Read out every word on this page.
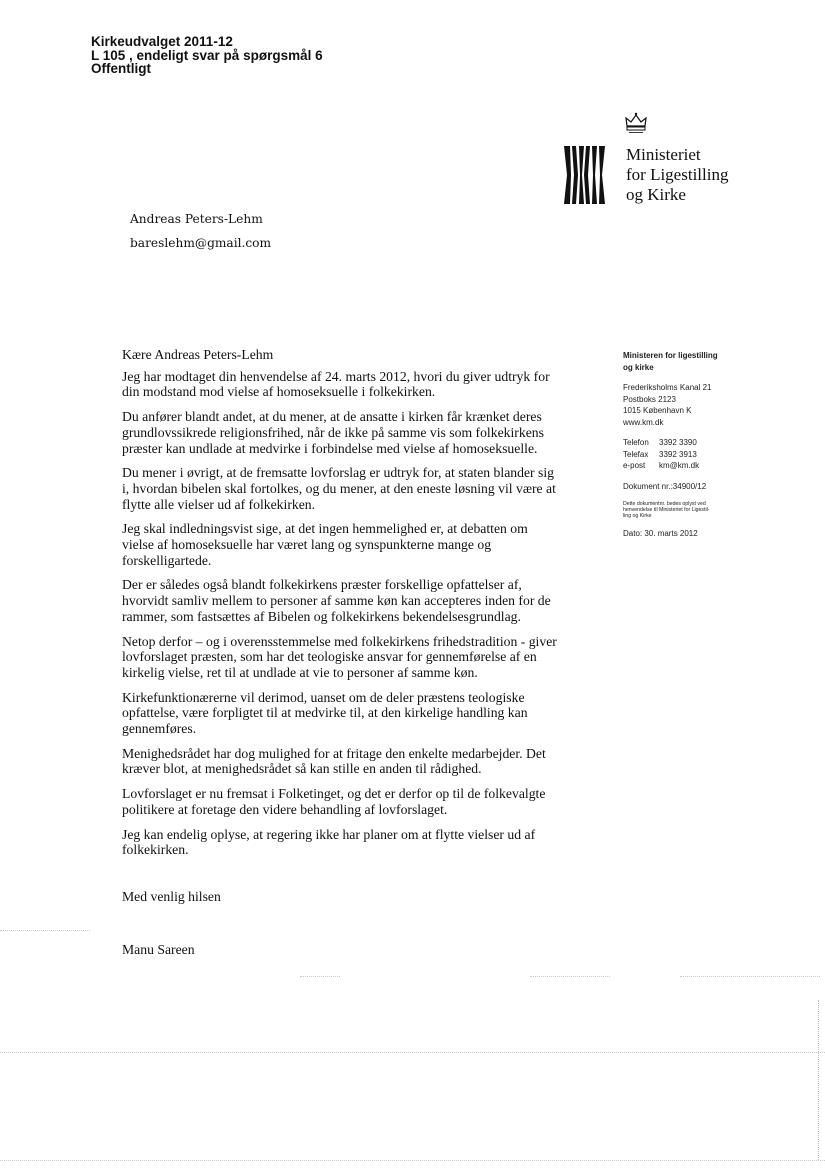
Kirkeudvalget 2011-12
L 105 , endeligt svar på spørgsmål 6
Offentligt
Ministeriet
for Ligestilling
og Kirke
Andreas Peters-Lehm
bareslehm@gmail.com

Kære Andreas Peters-Lehm

Jeg har modtaget din henvendelse af 24. marts 2012, hvori du giver udtryk for din modstand mod vielse af homoseksuelle i folkekirken.

Du anfører blandt andet, at du mener, at de ansatte i kirken får krænket deres grundlovssikrede religionsfrihed, når de ikke på samme vis som folkekirkens præster kan undlade at medvirke i forbindelse med vielse af homoseksuelle.

Du mener i øvrigt, at de fremsatte lovforslag er udtryk for, at staten blander sig i, hvordan bibelen skal fortolkes, og du mener, at den eneste løsning vil være at flytte alle vielser ud af folkekirken.

Jeg skal indledningsvist sige, at det ingen hemmelighed er, at debatten om vielse af homoseksuelle har været lang og synspunkterne mange og forskelligartede.

Der er således også blandt folkekirkens præster forskellige opfattelser af, hvorvidt samliv mellem to personer af samme køn kan accepteres inden for de rammer, som fastsættes af Bibelen og folkekirkens bekendelsesgrundlag.

Netop derfor – og i overensstemmelse med folkekirkens frihedstradition - giver lovforslaget præsten, som har det teologiske ansvar for gennemførelse af en kirkelig vielse, ret til at undlade at vie to personer af samme køn.

Kirkefunktionærerne vil derimod, uanset om de deler præstens teologiske opfattelse, være forpligtet til at medvirke til, at den kirkelige handling kan gennemføres.

Menighedsrådet har dog mulighed for at fritage den enkelte medarbejder. Det kræver blot, at menighedsrådet så kan stille en anden til rådighed.

Lovforslaget er nu fremsat i Folketinget, og det er derfor op til de folkevalgte politikere at foretage den videre behandling af lovforslaget.

Jeg kan endelig oplyse, at regering ikke har planer om at flytte vielser ud af folkekirken.

Med venlig hilsen
Manu Sareen
Ministeren for ligestilling
og kirke
Frederiksholms Kanal 21
Postboks 2123
1015 København K
www.km.dk
Telefon 3392 3390
Telefax 3392 3913
e-post km@km.dk
Dokument nr.:34900/12
Dette dokumentnr. bedes oplyst ved
henvendelse til Ministeriet for Ligestil-
ling og Kirke
Dato: 30. marts 2012
